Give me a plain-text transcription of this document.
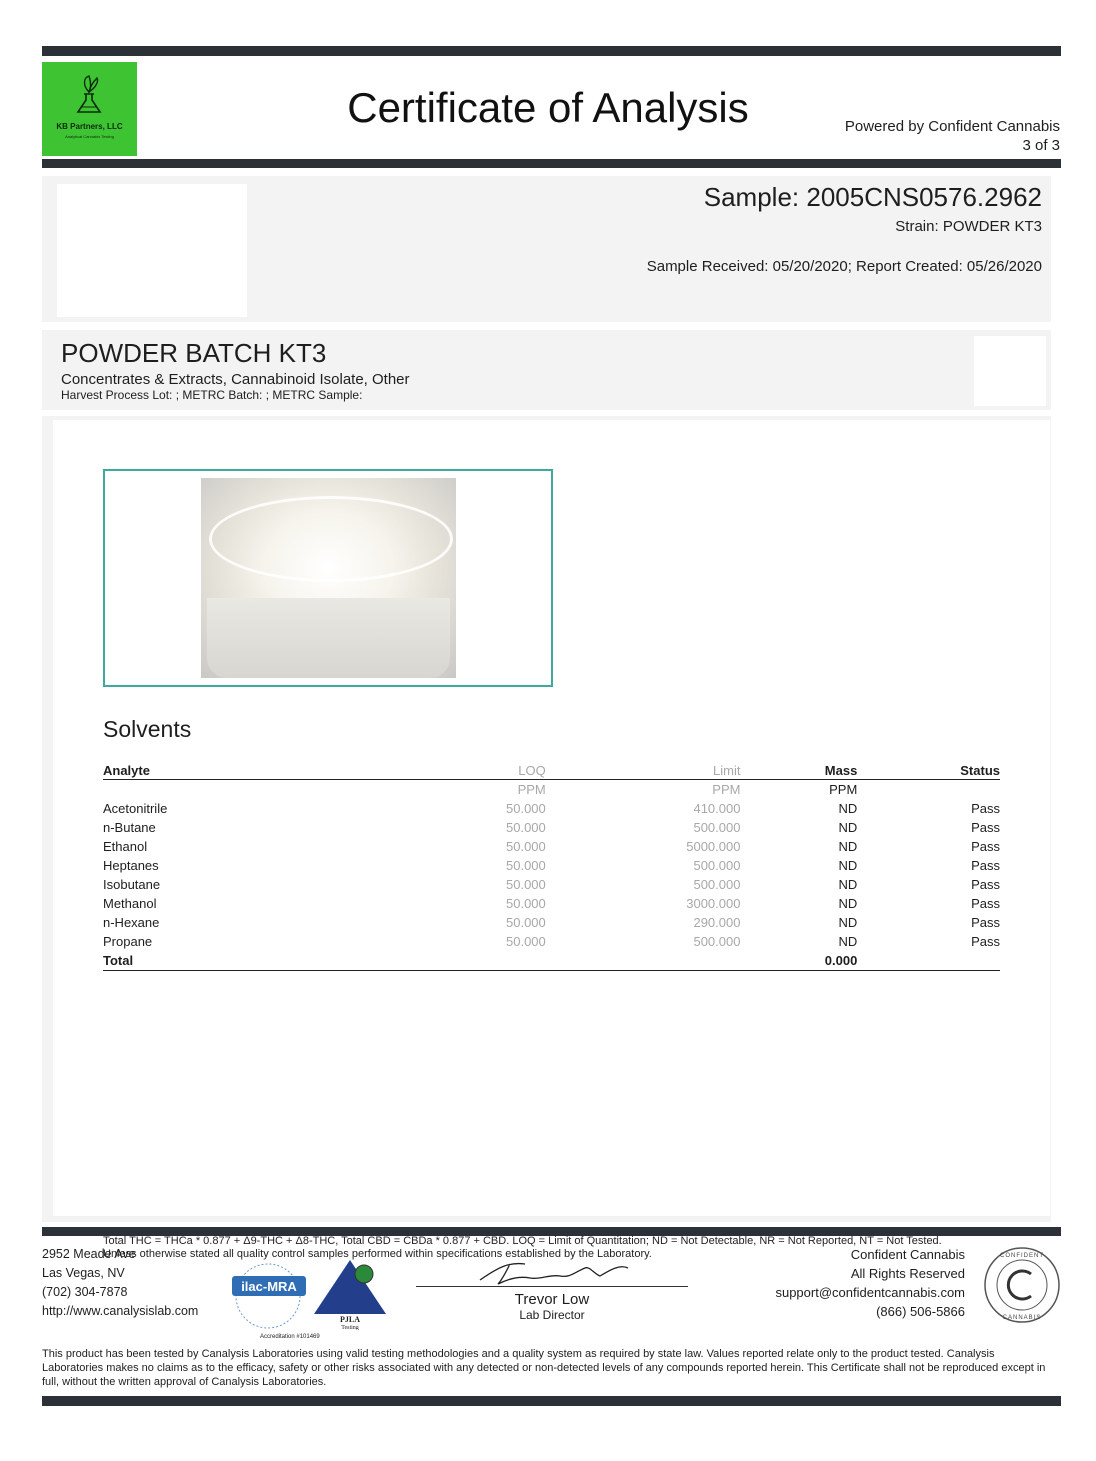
KB Partners, LLC
Analytical Cannabis Testing
Certificate of Analysis	Powered by Confident Cannabis
3 of 3
Sample: 2005CNS0576.2962
Strain: POWDER KT3
Sample Received: 05/20/2020; Report Created: 05/26/2020
POWDER BATCH KT3
Concentrates & Extracts, Cannabinoid Isolate, Other
Harvest Process Lot: ; METRC Batch: ; METRC Sample:
Solvents
Analyte	LOQ	Limit	Mass	Status
	PPM	PPM	PPM	
Acetonitrile	50.000	410.000	ND	Pass
n-Butane	50.000	500.000	ND	Pass
Ethanol	50.000	5000.000	ND	Pass
Heptanes	50.000	500.000	ND	Pass
Isobutane	50.000	500.000	ND	Pass
Methanol	50.000	3000.000	ND	Pass
n-Hexane	50.000	290.000	ND	Pass
Propane	50.000	500.000	ND	Pass
Total			0.000	
Total THC = THCa * 0.877 + Δ9-THC + Δ8-THC, Total CBD = CBDa * 0.877 + CBD. LOQ = Limit of Quantitation; ND = Not Detectable, NR = Not Reported, NT = Not Tested. Unless otherwise stated all quality control samples performed within specifications established by the Laboratory.
2952 Meade Ave
Las Vegas, NV
(702) 304-7878
http://www.canalysislab.com
ilac-MRA
PJLA
Testing
Accreditation #101469
Trevor Low
Lab Director
Confident Cannabis
All Rights Reserved
support@confidentcannabis.com
(866) 506-5866
CONFIDENT
CANNABIS
This product has been tested by Canalysis Laboratories using valid testing methodologies and a quality system as required by state law. Values reported relate only to the product tested. Canalysis Laboratories makes no claims as to the efficacy, safety or other risks associated with any detected or non-detected levels of any compounds reported herein. This Certificate shall not be reproduced except in full, without the written approval of Canalysis Laboratories.
